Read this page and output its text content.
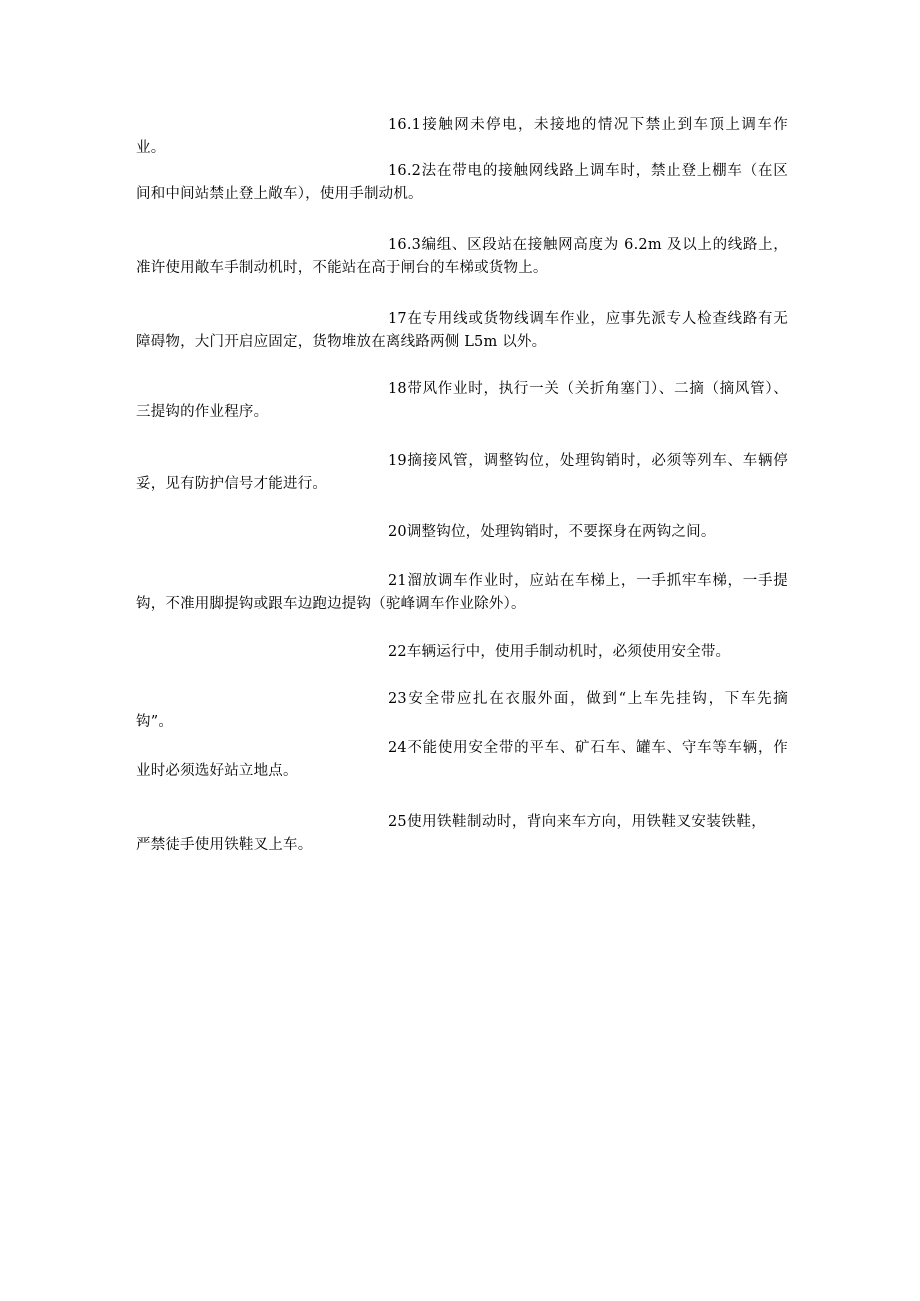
16.1接触网未停电，未接地的情况下禁止到车顶上调车作业。

16.2法在带电的接触网线路上调车时，禁止登上棚车（在区间和中间站禁止登上敞车），使用手制动机。

16.3编组、区段站在接触网高度为 6.2m 及以上的线路上，准许使用敞车手制动机时，不能站在高于闸台的车梯或货物上。

17在专用线或货物线调车作业，应事先派专人检查线路有无障碍物，大门开启应固定，货物堆放在离线路两侧 L5m 以外。

18带风作业时，执行一关（关折角塞门）、二摘（摘风管）、三提钩的作业程序。

19摘接风管，调整钩位，处理钩销时，必须等列车、车辆停妥，见有防护信号才能进行。

20调整钩位，处理钩销时，不要探身在两钩之间。

21溜放调车作业时，应站在车梯上，一手抓牢车梯，一手提钩，不准用脚提钩或跟车边跑边提钩（驼峰调车作业除外）。

22车辆运行中，使用手制动机时，必须使用安全带。

23安全带应扎在衣服外面，做到“上车先挂钩，下车先摘钩”。

24不能使用安全带的平车、矿石车、罐车、守车等车辆，作业时必须选好站立地点。

25使用铁鞋制动时，背向来车方向，用铁鞋叉安装铁鞋，严禁徒手使用铁鞋叉上车。
